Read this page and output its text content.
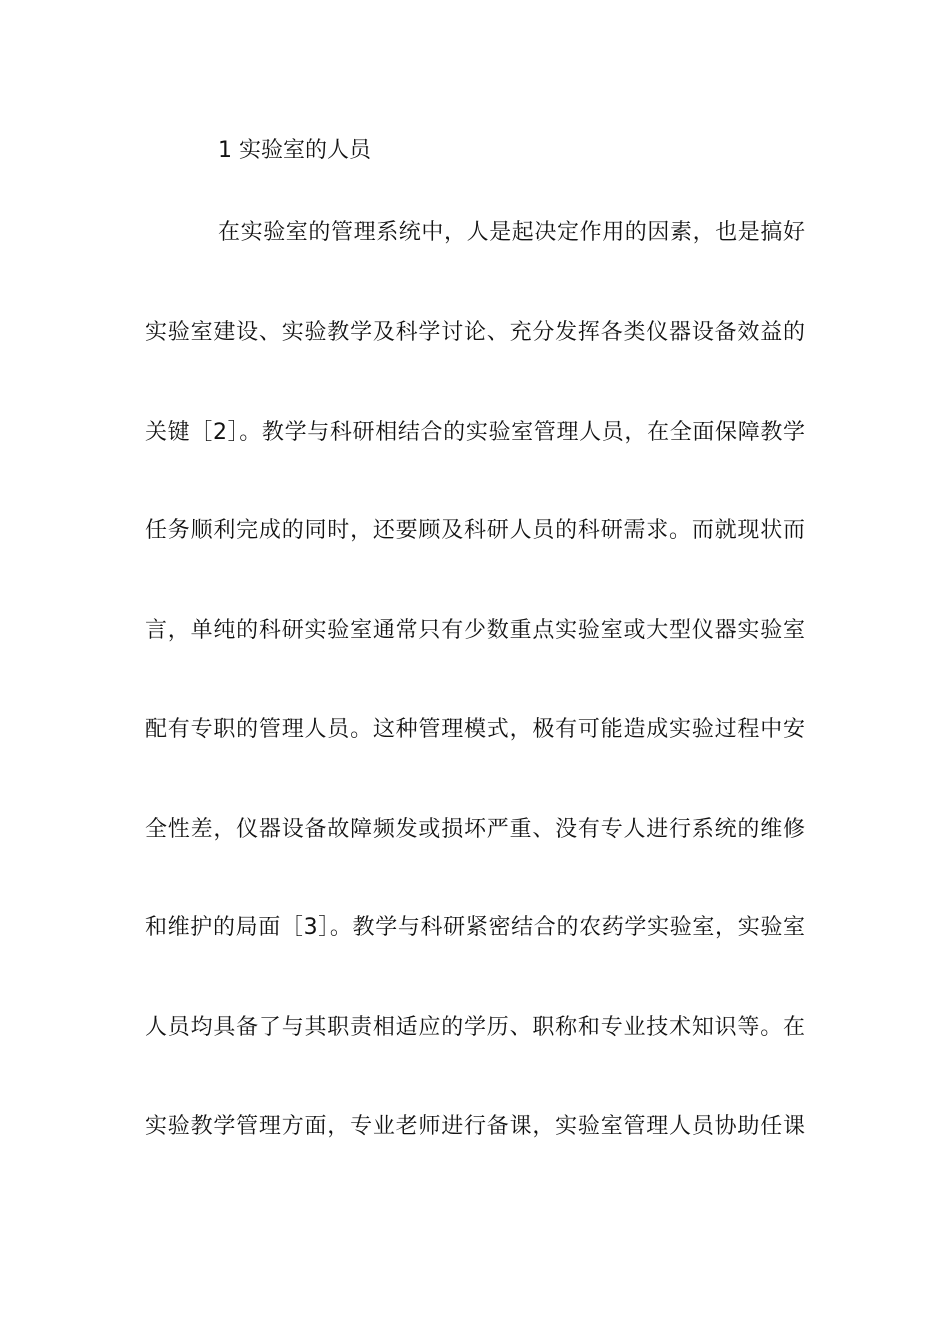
1 实验室的人员
在实验室的管理系统中，人是起决定作用的因素，也是搞好
实验室建设、实验教学及科学讨论、充分发挥各类仪器设备效益的
关键［2］。教学与科研相结合的实验室管理人员，在全面保障教学
任务顺利完成的同时，还要顾及科研人员的科研需求。而就现状而
言，单纯的科研实验室通常只有少数重点实验室或大型仪器实验室
配有专职的管理人员。这种管理模式，极有可能造成实验过程中安
全性差，仪器设备故障频发或损坏严重、没有专人进行系统的维修
和维护的局面［3］。教学与科研紧密结合的农药学实验室，实验室
人员均具备了与其职责相适应的学历、职称和专业技术知识等。在
实验教学管理方面，专业老师进行备课，实验室管理人员协助任课
